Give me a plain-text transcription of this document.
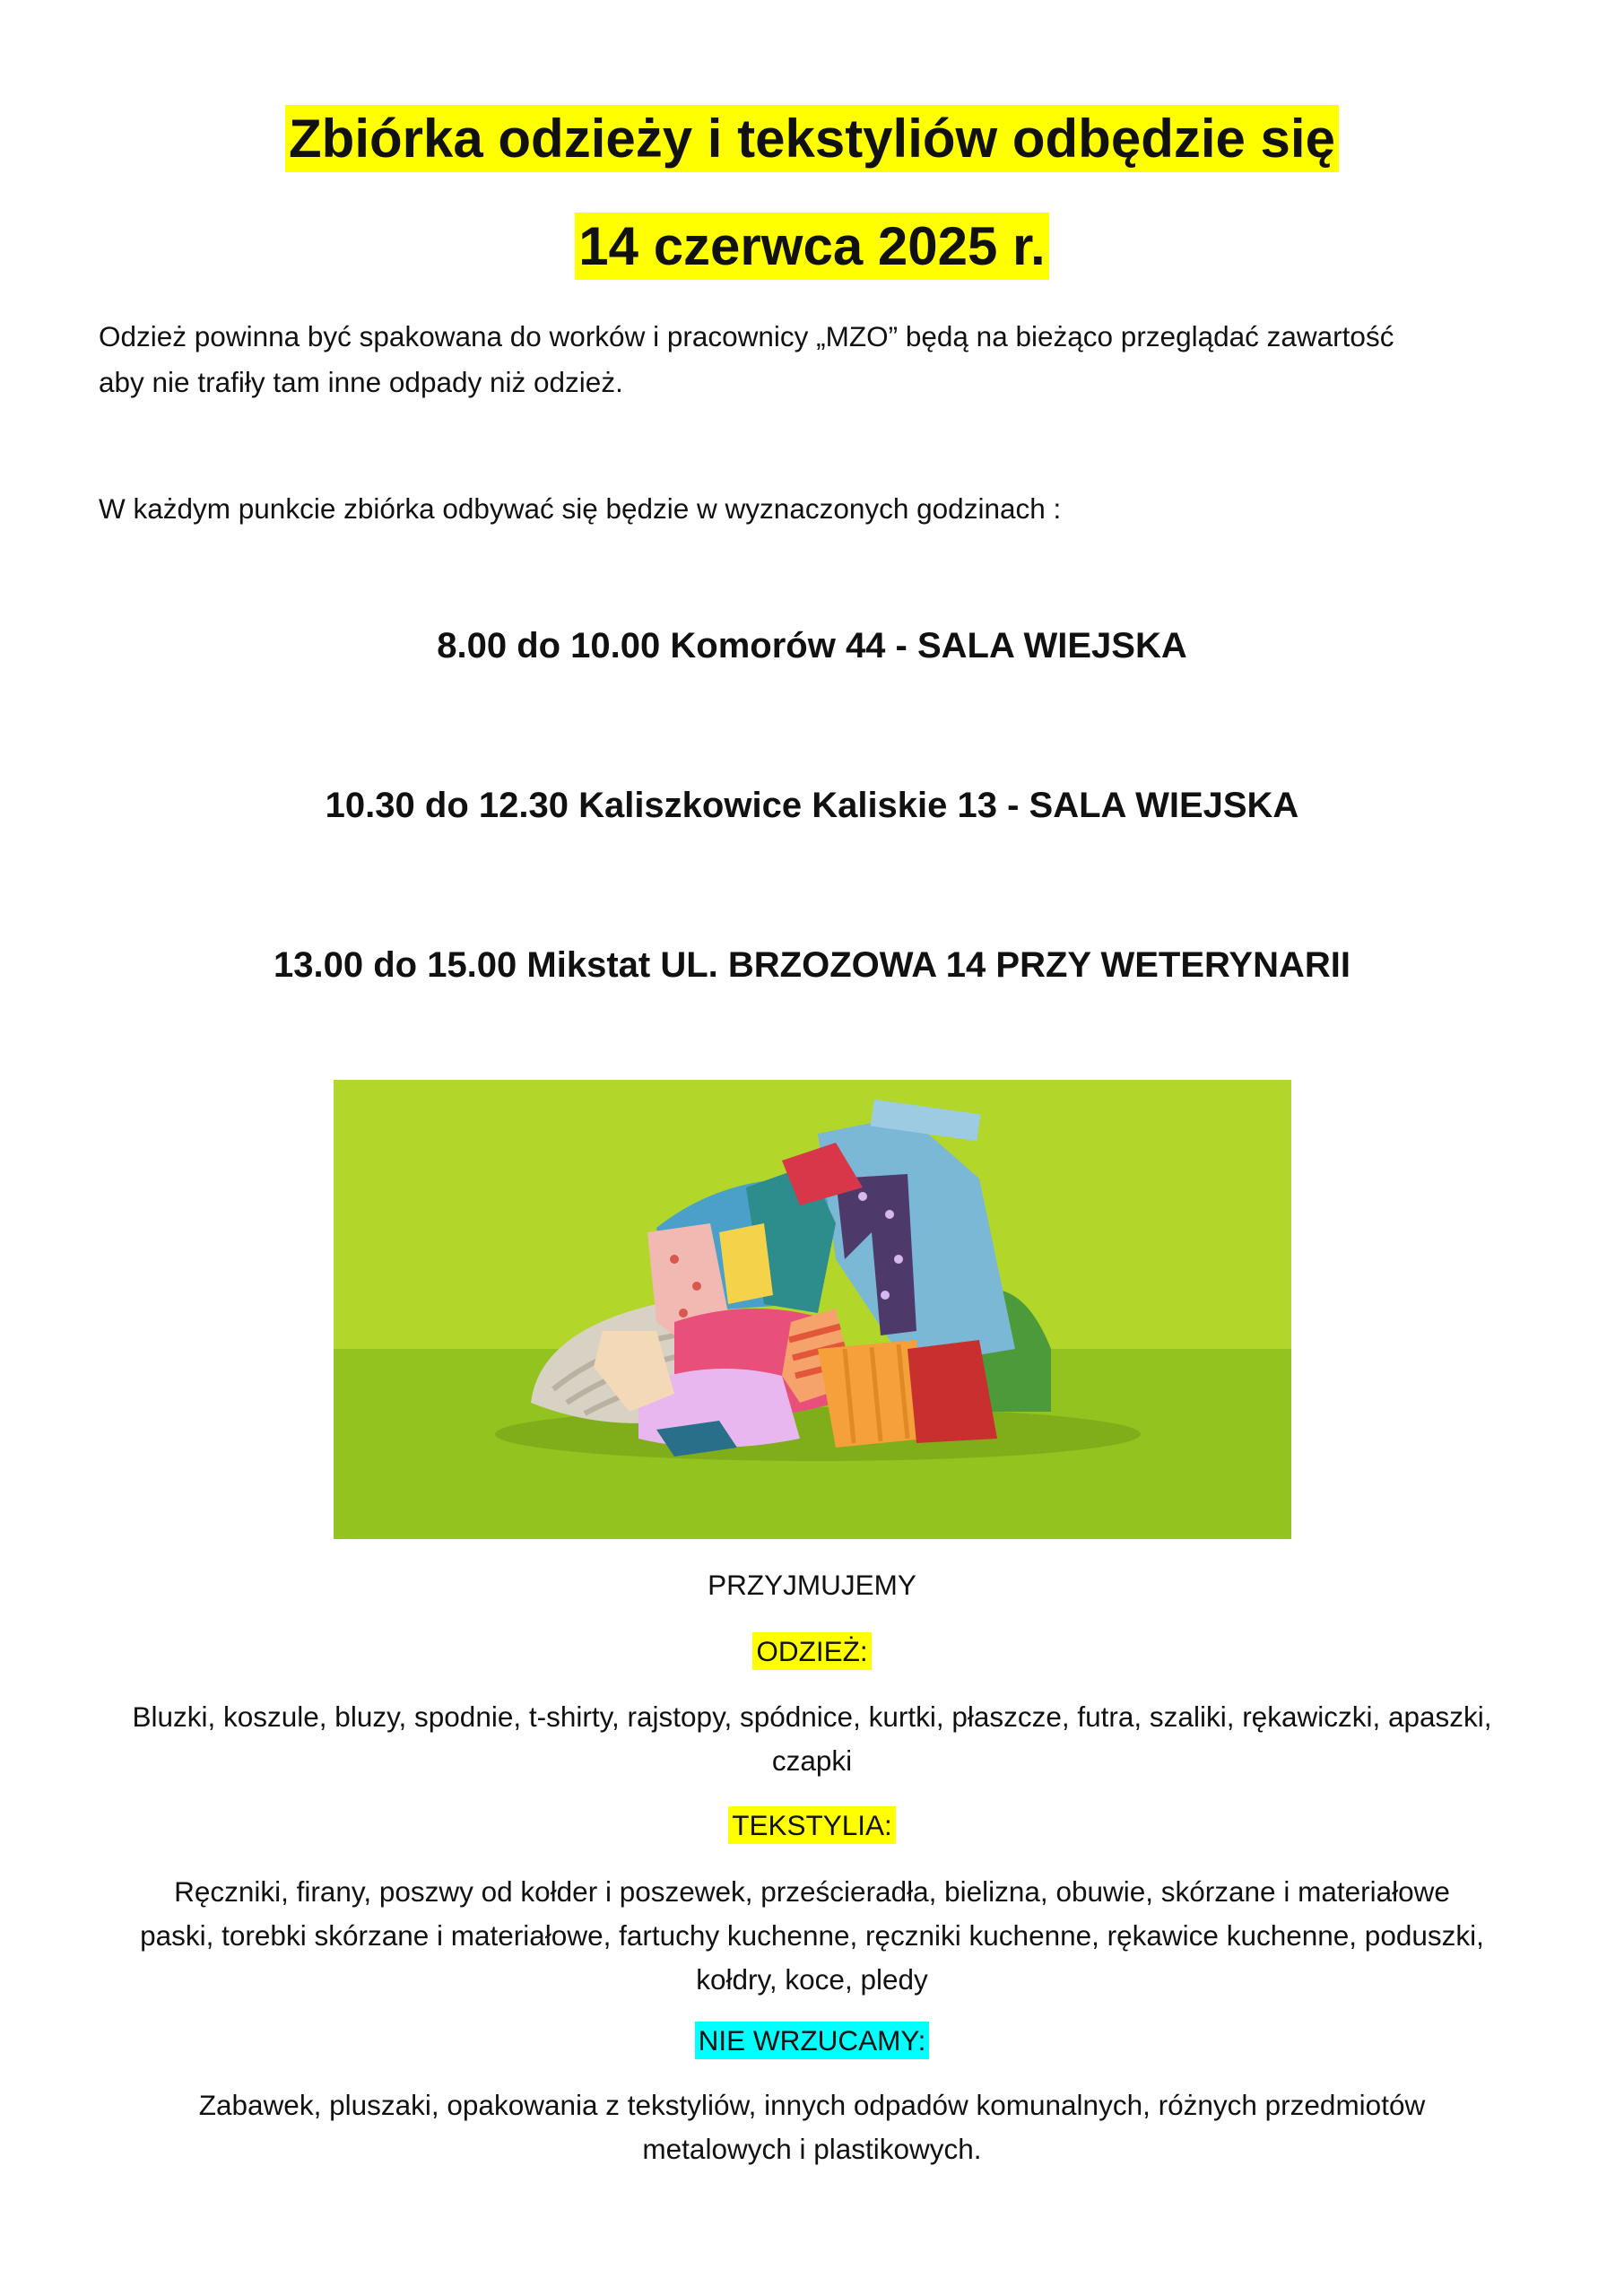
Zbiórka odzieży i tekstyliów odbędzie się
14 czerwca 2025 r.
Odzież powinna być spakowana do worków i pracownicy „MZO” będą na bieżąco przeglądać zawartość
aby nie trafiły tam inne odpady niż odzież.
W każdym punkcie zbiórka odbywać się będzie w wyznaczonych godzinach :
8.00 do 10.00 Komorów 44 - SALA WIEJSKA
10.30 do 12.30 Kaliszkowice Kaliskie 13 - SALA WIEJSKA
13.00 do 15.00 Mikstat UL. BRZOZOWA 14 PRZY WETERYNARII
PRZYJMUJEMY
ODZIEŻ:
Bluzki, koszule, bluzy, spodnie, t-shirty, rajstopy, spódnice, kurtki, płaszcze, futra, szaliki, rękawiczki, apaszki,
czapki
TEKSTYLIA:
Ręczniki, firany, poszwy od kołder i poszewek, prześcieradła, bielizna, obuwie, skórzane i materiałowe
paski, torebki skórzane i materiałowe, fartuchy kuchenne, ręczniki kuchenne, rękawice kuchenne, poduszki,
kołdry, koce, pledy
NIE WRZUCAMY:
Zabawek, pluszaki, opakowania z tekstyliów, innych odpadów komunalnych, różnych przedmiotów
metalowych i plastikowych.
